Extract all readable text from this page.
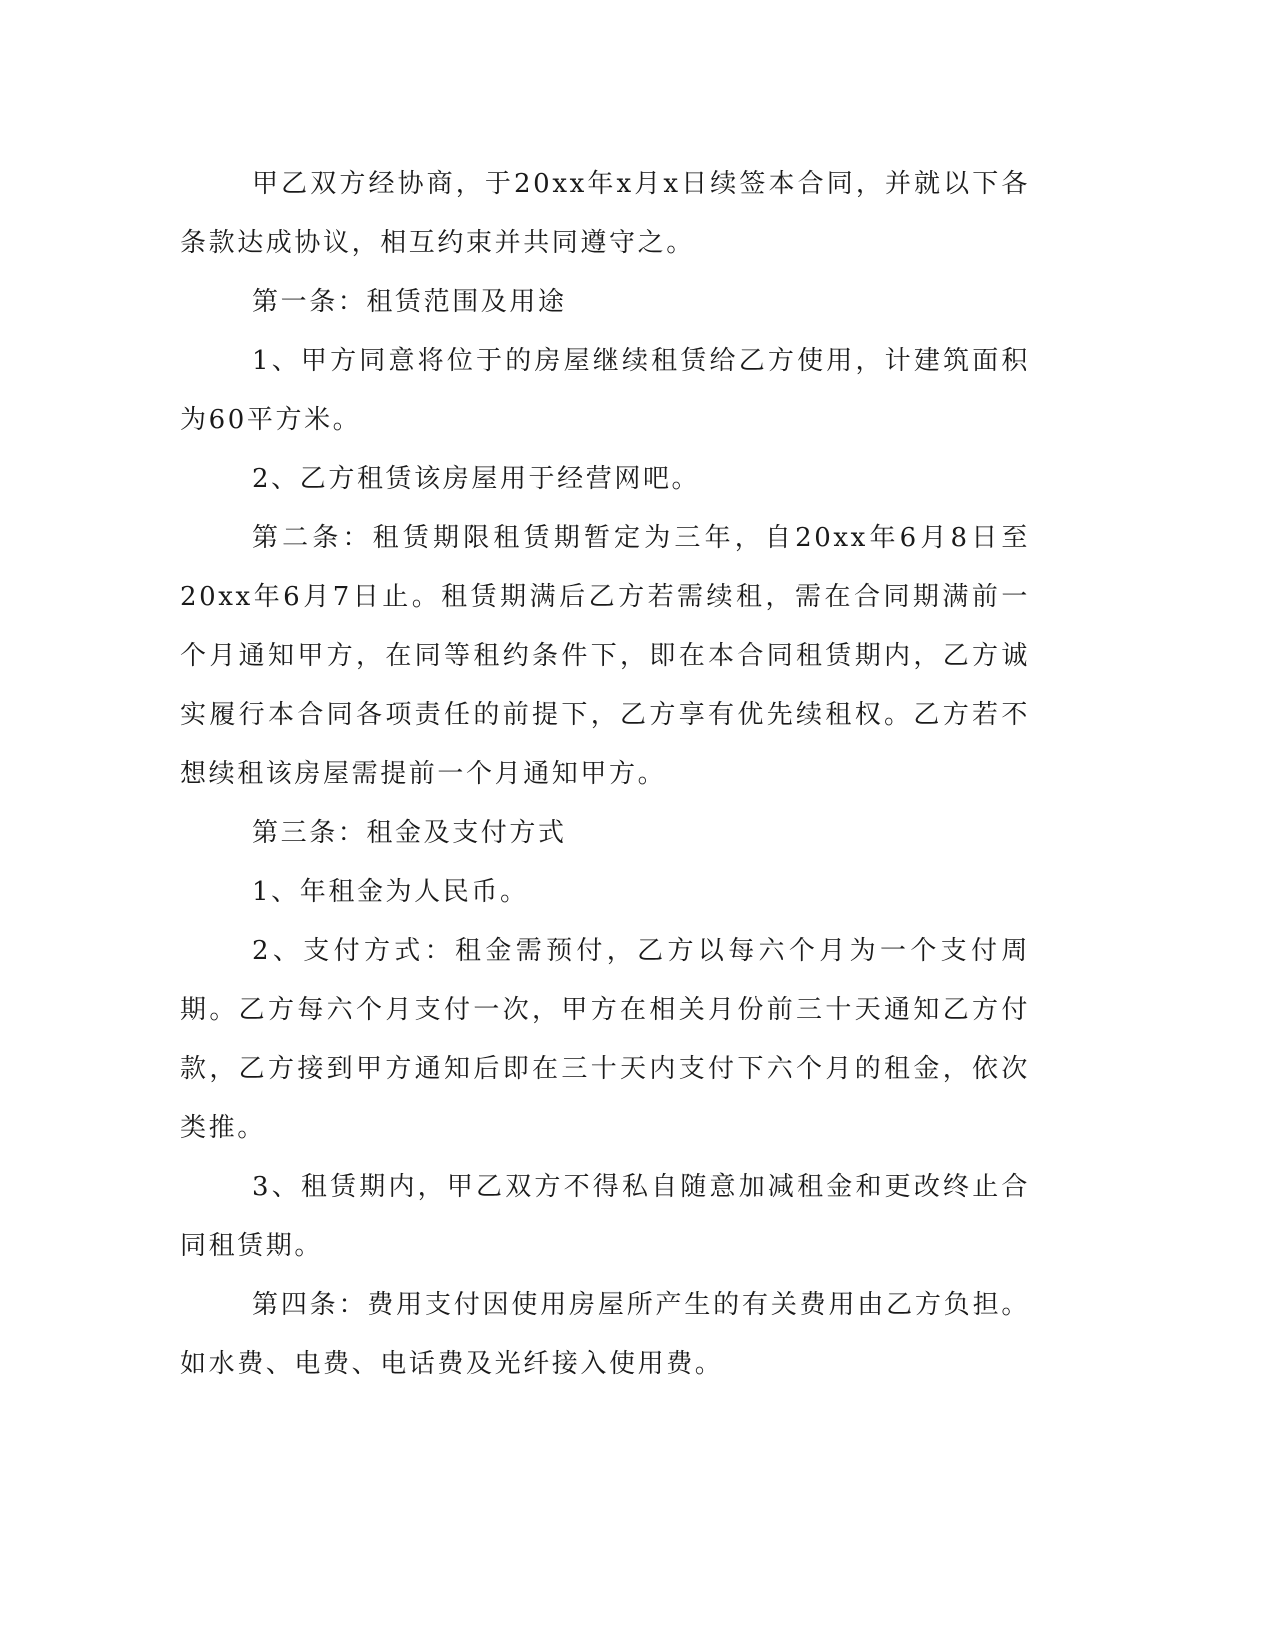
甲乙双方经协商，于20xx年x月x日续签本合同，并就以下各条款达成协议，相互约束并共同遵守之。

第一条：租赁范围及用途

1、甲方同意将位于的房屋继续租赁给乙方使用，计建筑面积为60平方米。

2、乙方租赁该房屋用于经营网吧。

第二条：租赁期限租赁期暂定为三年，自20xx年6月8日至20xx年6月7日止。租赁期满后乙方若需续租，需在合同期满前一个月通知甲方，在同等租约条件下，即在本合同租赁期内，乙方诚实履行本合同各项责任的前提下，乙方享有优先续租权。乙方若不想续租该房屋需提前一个月通知甲方。

第三条：租金及支付方式

1、年租金为人民币。

2、支付方式：租金需预付，乙方以每六个月为一个支付周期。乙方每六个月支付一次，甲方在相关月份前三十天通知乙方付款，乙方接到甲方通知后即在三十天内支付下六个月的租金，依次类推。

3、租赁期内，甲乙双方不得私自随意加减租金和更改终止合同租赁期。

第四条：费用支付因使用房屋所产生的有关费用由乙方负担。如水费、电费、电话费及光纤接入使用费。
